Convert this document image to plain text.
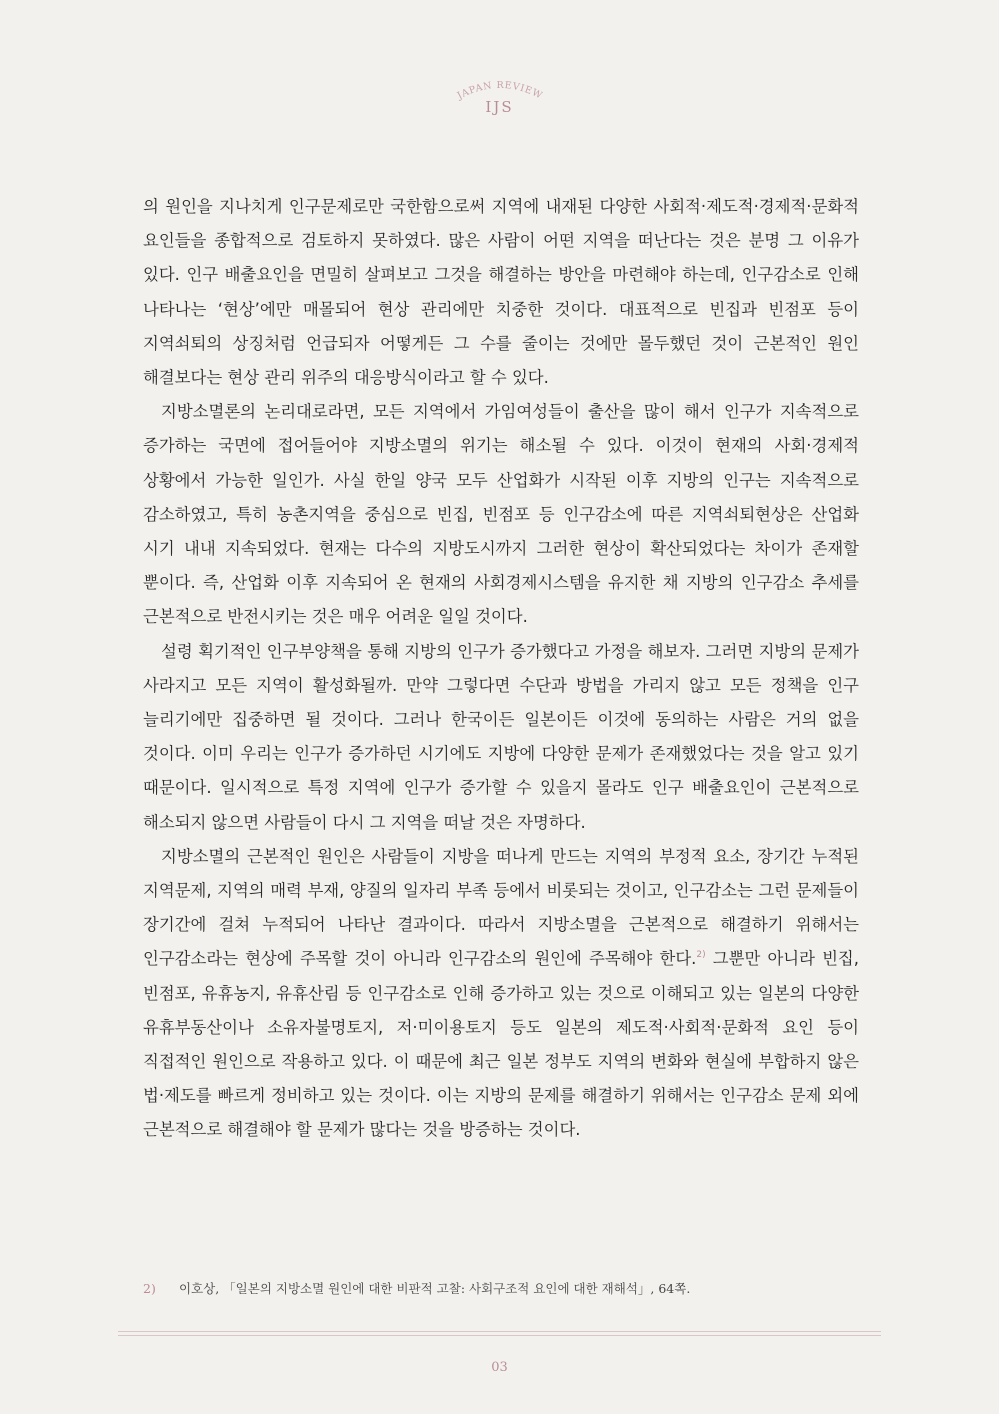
JAPAN REVIEW
IJS

의 원인을 지나치게 인구문제로만 국한함으로써 지역에 내재된 다양한 사회적·제도적·경제적·문화적 요인들을 종합적으로 검토하지 못하였다. 많은 사람이 어떤 지역을 떠난다는 것은 분명 그 이유가 있다. 인구 배출요인을 면밀히 살펴보고 그것을 해결하는 방안을 마련해야 하는데, 인구감소로 인해 나타나는 ‘현상’에만 매몰되어 현상 관리에만 치중한 것이다. 대표적으로 빈집과 빈점포 등이 지역쇠퇴의 상징처럼 언급되자 어떻게든 그 수를 줄이는 것에만 몰두했던 것이 근본적인 원인 해결보다는 현상 관리 위주의 대응방식이라고 할 수 있다.

지방소멸론의 논리대로라면, 모든 지역에서 가임여성들이 출산을 많이 해서 인구가 지속적으로 증가하는 국면에 접어들어야 지방소멸의 위기는 해소될 수 있다. 이것이 현재의 사회·경제적 상황에서 가능한 일인가. 사실 한일 양국 모두 산업화가 시작된 이후 지방의 인구는 지속적으로 감소하였고, 특히 농촌지역을 중심으로 빈집, 빈점포 등 인구감소에 따른 지역쇠퇴현상은 산업화 시기 내내 지속되었다. 현재는 다수의 지방도시까지 그러한 현상이 확산되었다는 차이가 존재할 뿐이다. 즉, 산업화 이후 지속되어 온 현재의 사회경제시스템을 유지한 채 지방의 인구감소 추세를 근본적으로 반전시키는 것은 매우 어려운 일일 것이다.

설령 획기적인 인구부양책을 통해 지방의 인구가 증가했다고 가정을 해보자. 그러면 지방의 문제가 사라지고 모든 지역이 활성화될까. 만약 그렇다면 수단과 방법을 가리지 않고 모든 정책을 인구 늘리기에만 집중하면 될 것이다. 그러나 한국이든 일본이든 이것에 동의하는 사람은 거의 없을 것이다. 이미 우리는 인구가 증가하던 시기에도 지방에 다양한 문제가 존재했었다는 것을 알고 있기 때문이다. 일시적으로 특정 지역에 인구가 증가할 수 있을지 몰라도 인구 배출요인이 근본적으로 해소되지 않으면 사람들이 다시 그 지역을 떠날 것은 자명하다.

지방소멸의 근본적인 원인은 사람들이 지방을 떠나게 만드는 지역의 부정적 요소, 장기간 누적된 지역문제, 지역의 매력 부재, 양질의 일자리 부족 등에서 비롯되는 것이고, 인구감소는 그런 문제들이 장기간에 걸쳐 누적되어 나타난 결과이다. 따라서 지방소멸을 근본적으로 해결하기 위해서는 인구감소라는 현상에 주목할 것이 아니라 인구감소의 원인에 주목해야 한다.$^{2)}$ 그뿐만 아니라 빈집, 빈점포, 유휴농지, 유휴산림 등 인구감소로 인해 증가하고 있는 것으로 이해되고 있는 일본의 다양한 유휴부동산이나 소유자불명토지, 저·미이용토지 등도 일본의 제도적·사회적·문화적 요인 등이 직접적인 원인으로 작용하고 있다. 이 때문에 최근 일본 정부도 지역의 변화와 현실에 부합하지 않은 법·제도를 빠르게 정비하고 있는 것이다. 이는 지방의 문제를 해결하기 위해서는 인구감소 문제 외에 근본적으로 해결해야 할 문제가 많다는 것을 방증하는 것이다.

2) 이호상, 「일본의 지방소멸 원인에 대한 비판적 고찰: 사회구조적 요인에 대한 재해석」, 64쪽.
03
